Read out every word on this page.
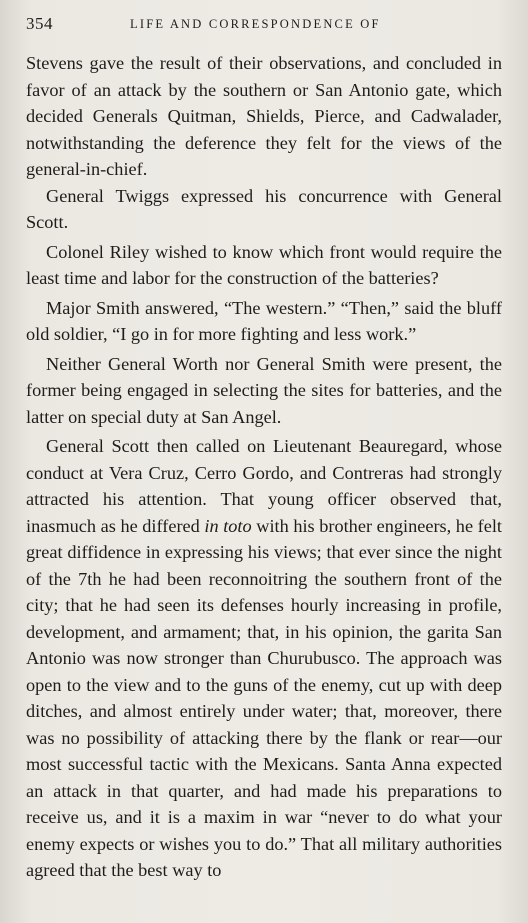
354	LIFE AND CORRESPONDENCE OF

Stevens gave the result of their observations, and concluded in favor of an attack by the southern or San Antonio gate, which decided Generals Quitman, Shields, Pierce, and Cadwalader, notwithstanding the deference they felt for the views of the general-in-chief.

General Twiggs expressed his concurrence with General Scott.

Colonel Riley wished to know which front would require the least time and labor for the construction of the batteries?

Major Smith answered, “The western.” “Then,” said the bluff old soldier, “I go in for more fighting and less work.”

Neither General Worth nor General Smith were present, the former being engaged in selecting the sites for batteries, and the latter on special duty at San Angel.

General Scott then called on Lieutenant Beauregard, whose conduct at Vera Cruz, Cerro Gordo, and Contreras had strongly attracted his attention. That young officer observed that, inasmuch as he differed in toto with his brother engineers, he felt great diffidence in expressing his views; that ever since the night of the 7th he had been reconnoitring the southern front of the city; that he had seen its defenses hourly increasing in profile, development, and armament; that, in his opinion, the garita San Antonio was now stronger than Churubusco. The approach was open to the view and to the guns of the enemy, cut up with deep ditches, and almost entirely under water; that, moreover, there was no possibility of attacking there by the flank or rear—our most successful tactic with the Mexicans. Santa Anna expected an attack in that quarter, and had made his preparations to receive us, and it is a maxim in war “never to do what your enemy expects or wishes you to do.” That all military authorities agreed that the best way to
